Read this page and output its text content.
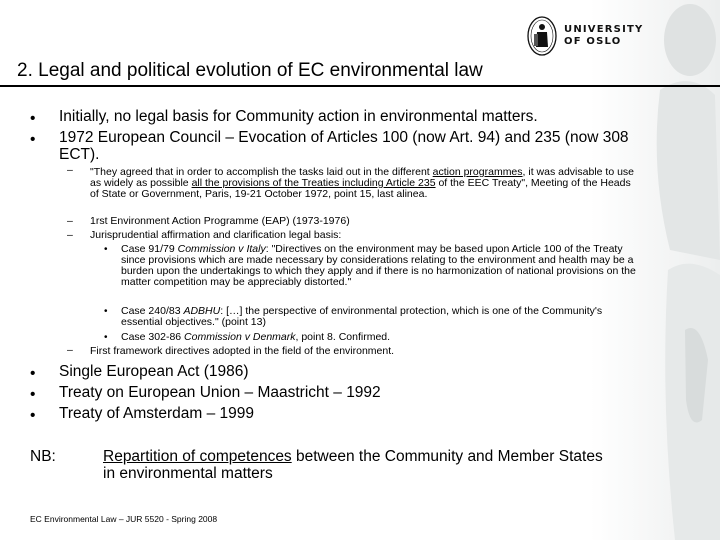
UNIVERSITY
OF OSLO
2. Legal and political evolution of EC environmental law
• Initially, no legal basis for Community action in environmental matters.
• 1972 European Council – Evocation of Articles 100 (now Art. 94) and 235 (now 308 ECT).
– "They agreed that in order to accomplish the tasks laid out in the different action programmes, it was advisable to use as widely as possible all the provisions of the Treaties including Article 235 of the EEC Treaty", Meeting of the Heads of State or Government, Paris, 19-21 October 1972, point 15, last alinea.
– 1rst Environment Action Programme (EAP) (1973-1976)
– Jurisprudential affirmation and clarification legal basis:
• Case 91/79 Commission v Italy: "Directives on the environment may be based upon Article 100 of the Treaty since provisions which are made necessary by considerations relating to the environment and health may be a burden upon the undertakings to which they apply and if there is no harmonization of national provisions on the matter competition may be appreciably distorted."
• Case 240/83 ADBHU: […] the perspective of environmental protection, which is one of the Community's essential objectives." (point 13)
• Case 302-86 Commission v Denmark, point 8. Confirmed.
– First framework directives adopted in the field of the environment.
• Single European Act (1986)
• Treaty on European Union – Maastricht – 1992
• Treaty of Amsterdam – 1999
NB:	Repartition of competences between the Community and Member States in environmental matters
EC Environmental Law – JUR 5520 - Spring 2008
